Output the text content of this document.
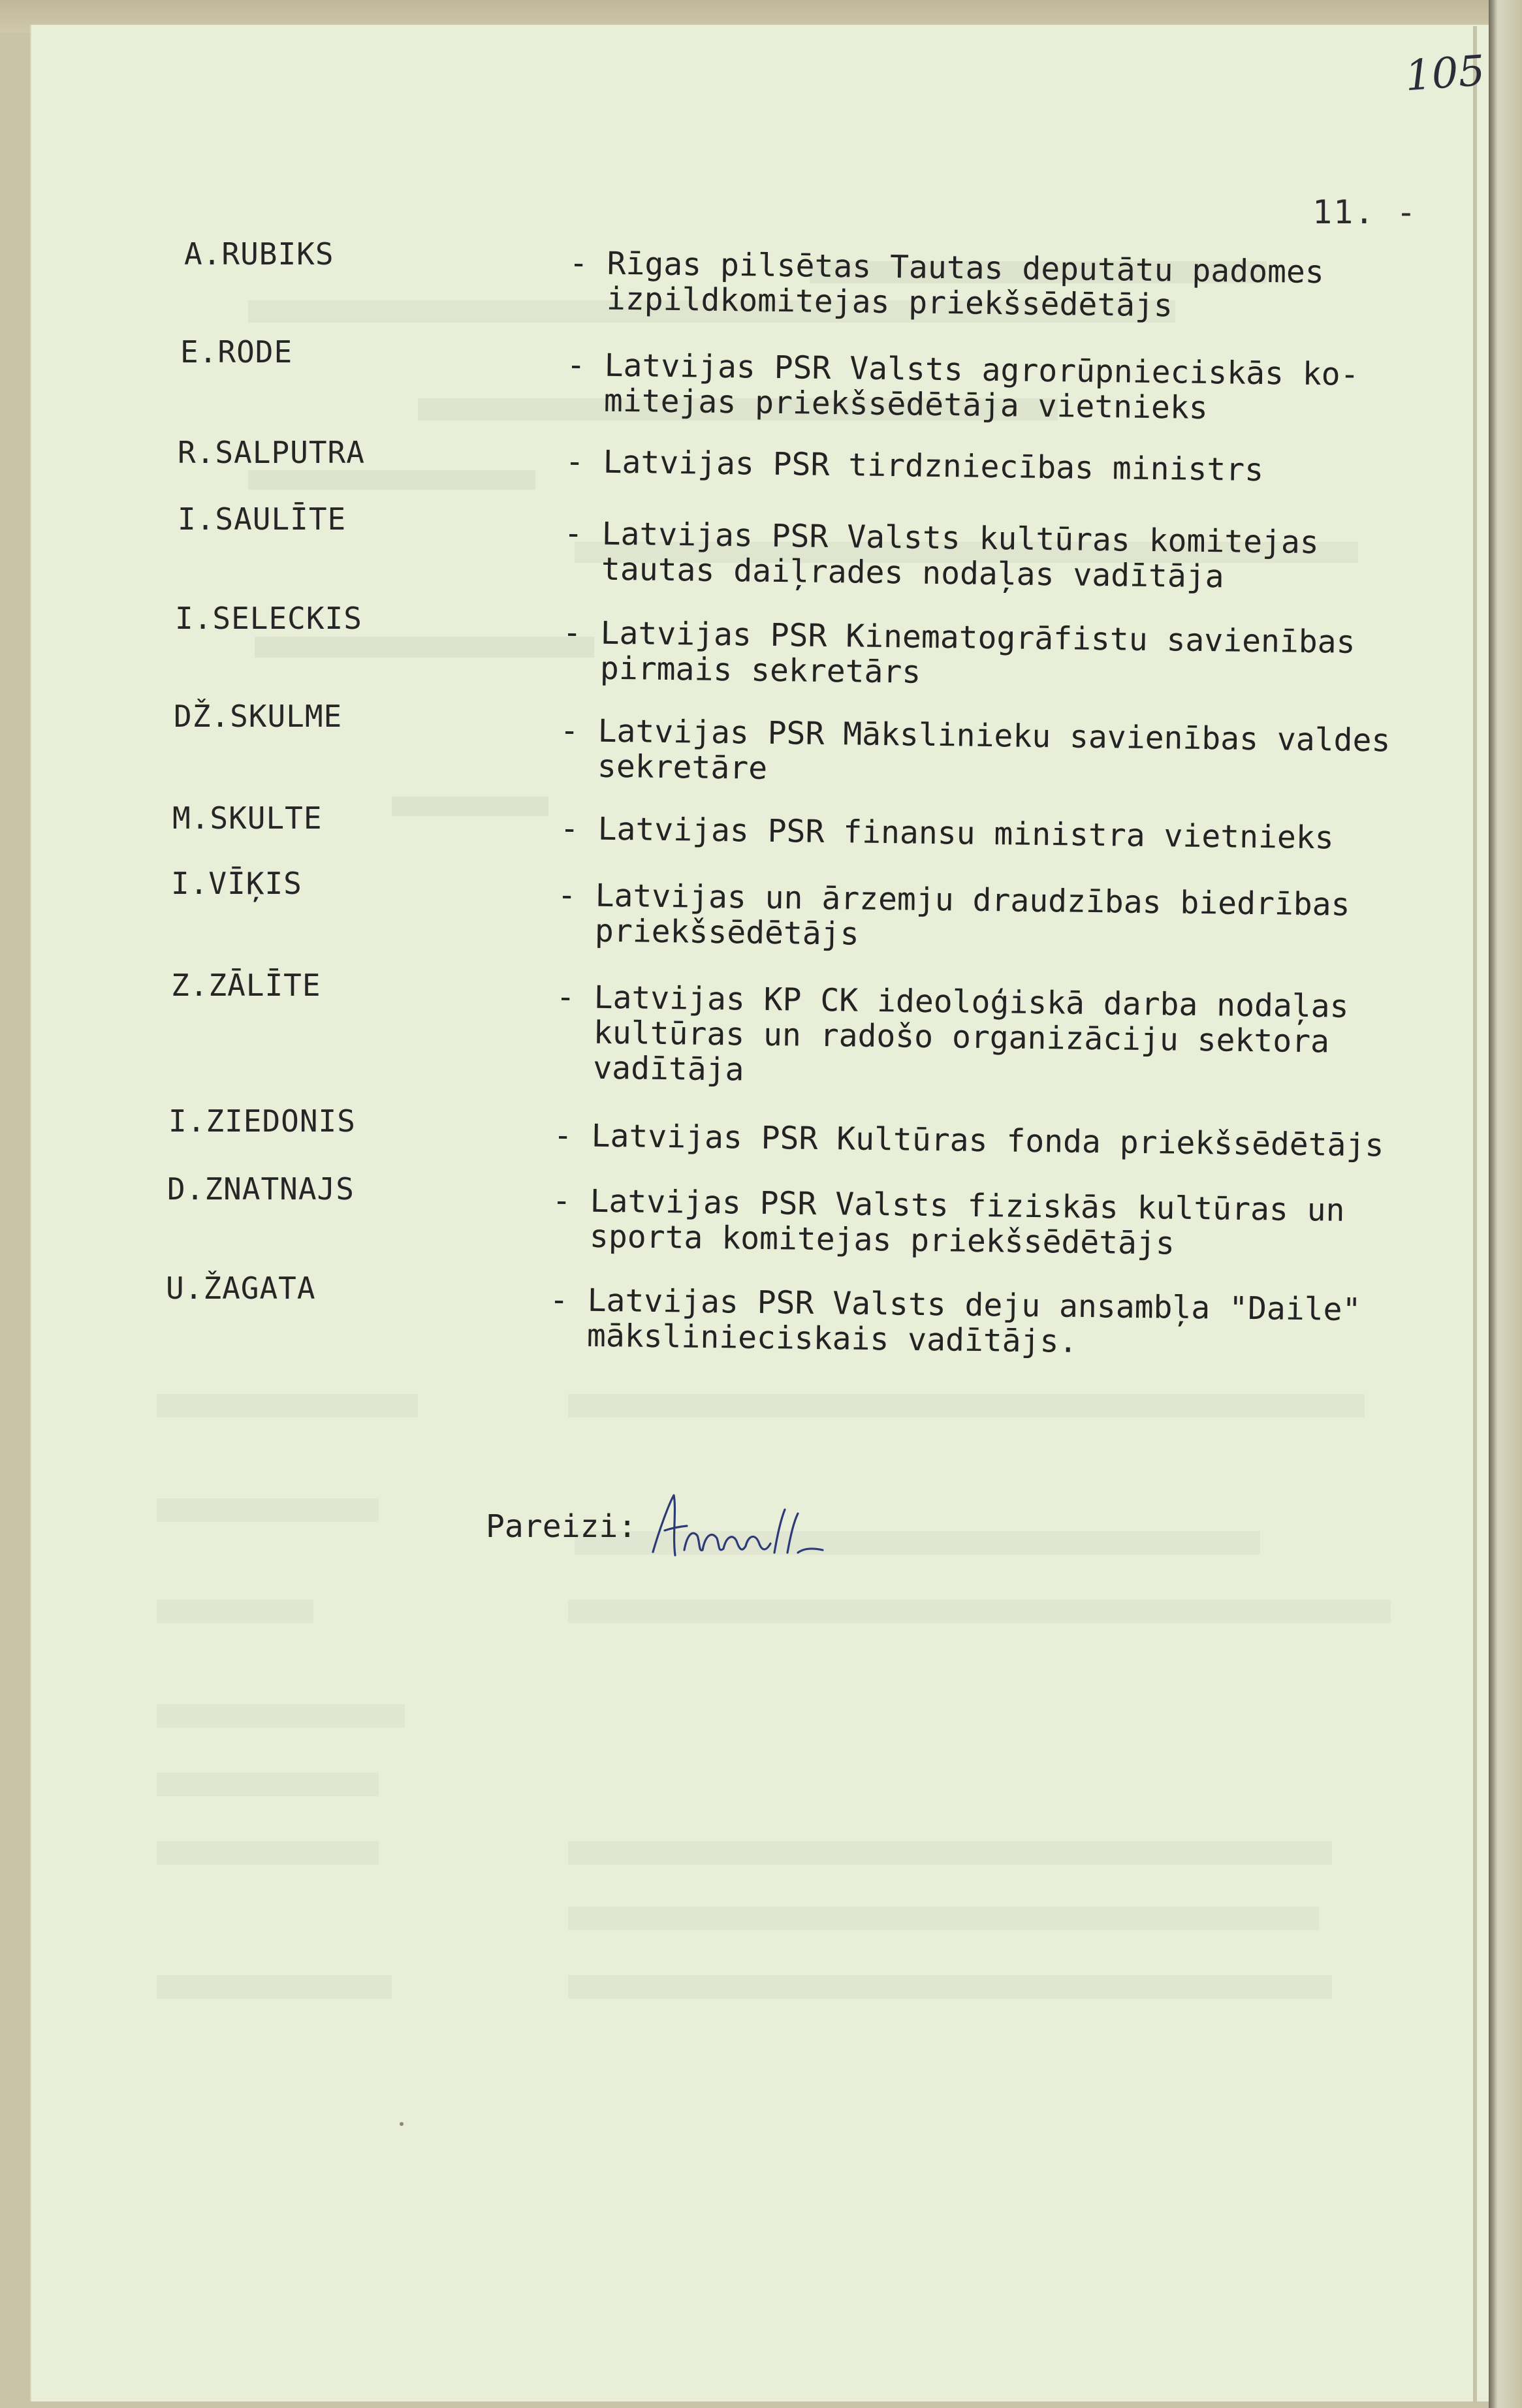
105
11. -
A.RUBIKS	- Rīgas pilsētas Tautas deputātu padomes
izpildkomitejas priekšsēdētājs
E.RODE	- Latvijas PSR Valsts agrorūpnieciskās ko-
mitejas priekšsēdētāja vietnieks
R.SALPUTRA	- Latvijas PSR tirdzniecības ministrs
I.SAULĪTE	- Latvijas PSR Valsts kultūras komitejas
tautas daiļrades nodaļas vadītāja
I.SELECKIS	- Latvijas PSR Kinematogrāfistu savienības
pirmais sekretārs
DŽ.SKULME	- Latvijas PSR Mākslinieku savienības valdes
sekretāre
M.SKULTE	- Latvijas PSR finansu ministra vietnieks
I.VĪĶIS	- Latvijas un ārzemju draudzības biedrības
priekšsēdētājs
Z.ZĀLĪTE	- Latvijas KP CK ideoloģiskā darba nodaļas
kultūras un radošo organizāciju sektora
vadītāja
I.ZIEDONIS	- Latvijas PSR Kultūras fonda priekšsēdētājs
D.ZNATNAJS	- Latvijas PSR Valsts fiziskās kultūras un
sporta komitejas priekšsēdētājs
U.ŽAGATA	- Latvijas PSR Valsts deju ansambļa "Daile"
mākslinieciskais vadītājs.
Pareizi:
